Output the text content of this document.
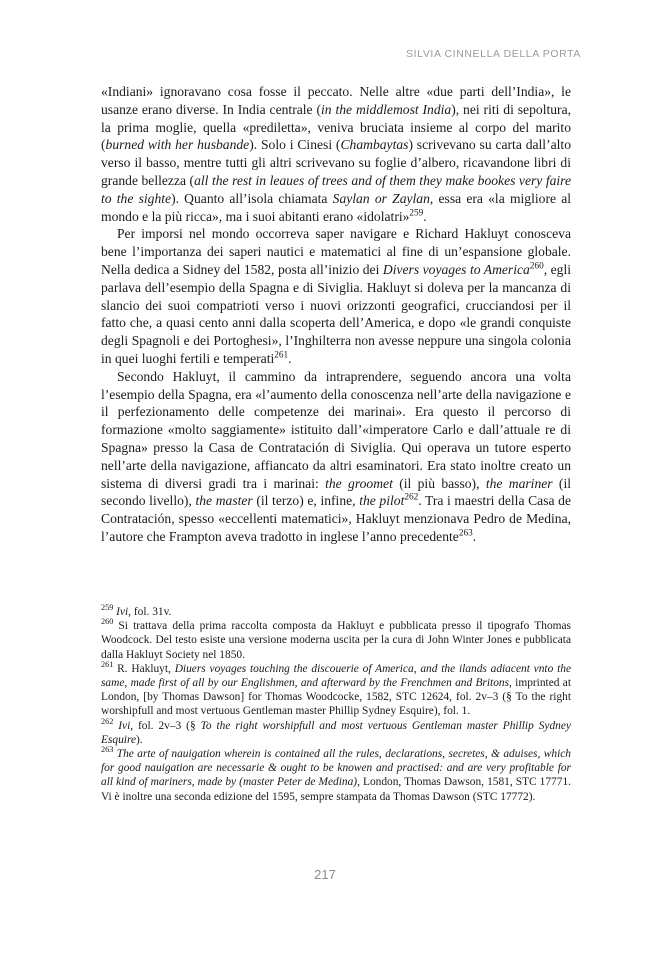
SILVIA CINNELLA DELLA PORTA

«Indiani» ignoravano cosa fosse il peccato. Nelle altre «due parti dell’India», le usanze erano diverse. In India centrale (in the middlemost India), nei riti di sepoltura, la prima moglie, quella «prediletta», veniva bruciata insieme al corpo del marito (burned with her husbande). Solo i Cinesi (Chambaytas) scrivevano su carta dall’alto verso il basso, mentre tutti gli altri scrivevano su foglie d’albero, ricavandone libri di grande bellezza (all the rest in leaues of trees and of them they make bookes very faire to the sighte). Quanto all’isola chiamata Saylan or Zaylan, essa era «la migliore al mondo e la più ricca», ma i suoi abitanti erano «idolatri»$^{259}$.

Per imporsi nel mondo occorreva saper navigare e Richard Hakluyt conosceva bene l’importanza dei saperi nautici e matematici al fine di un’espansione globale. Nella dedica a Sidney del 1582, posta all’inizio dei Divers voyages to America$^{260}$, egli parlava dell’esempio della Spagna e di Siviglia. Hakluyt si doleva per la mancanza di slancio dei suoi compatrioti verso i nuovi orizzonti geografici, crucciandosi per il fatto che, a quasi cento anni dalla scoperta dell’America, e dopo «le grandi conquiste degli Spagnoli e dei Portoghesi», l’Inghilterra non avesse neppure una singola colonia in quei luoghi fertili e temperati$^{261}$.

Secondo Hakluyt, il cammino da intraprendere, seguendo ancora una volta l’esempio della Spagna, era «l’aumento della conoscenza nell’arte della navigazione e il perfezionamento delle competenze dei marinai». Era questo il percorso di formazione «molto saggiamente» istituito dall’«imperatore Carlo e dall’attuale re di Spagna» presso la Casa de Contratación di Siviglia. Qui operava un tutore esperto nell’arte della navigazione, affiancato da altri esaminatori. Era stato inoltre creato un sistema di diversi gradi tra i marinai: the groomet (il più basso), the mariner (il secondo livello), the master (il terzo) e, infine, the pilot$^{262}$. Tra i maestri della Casa de Contratación, spesso «eccellenti matematici», Hakluyt menzionava Pedro de Medina, l’autore che Frampton aveva tradotto in inglese l’anno precedente$^{263}$.

$^{259}$ Ivi, fol. 31v.

$^{260}$ Si trattava della prima raccolta composta da Hakluyt e pubblicata presso il tipografo Thomas Woodcock. Del testo esiste una versione moderna uscita per la cura di John Winter Jones e pubblicata dalla Hakluyt Society nel 1850.

$^{261}$ R. Hakluyt, Diuers voyages touching the discouerie of America, and the ilands adiacent vnto the same, made first of all by our Englishmen, and afterward by the Frenchmen and Britons, imprinted at London, [by Thomas Dawson] for Thomas Woodcocke, 1582, STC 12624, fol. 2v–3 (§ To the right worshipfull and most vertuous Gentleman master Phillip Sydney Esquire), fol. 1.

$^{262}$ Ivi, fol. 2v–3 (§ To the right worshipfull and most vertuous Gentleman master Phillip Sydney Esquire).

$^{263}$ The arte of nauigation wherein is contained all the rules, declarations, secretes, & aduises, which for good nauigation are necessarie & ought to be knowen and practised: and are very profitable for all kind of mariners, made by (master Peter de Medina), London, Thomas Dawson, 1581, STC 17771. Vi è inoltre una seconda edizione del 1595, sempre stampata da Thomas Dawson (STC 17772).

217
